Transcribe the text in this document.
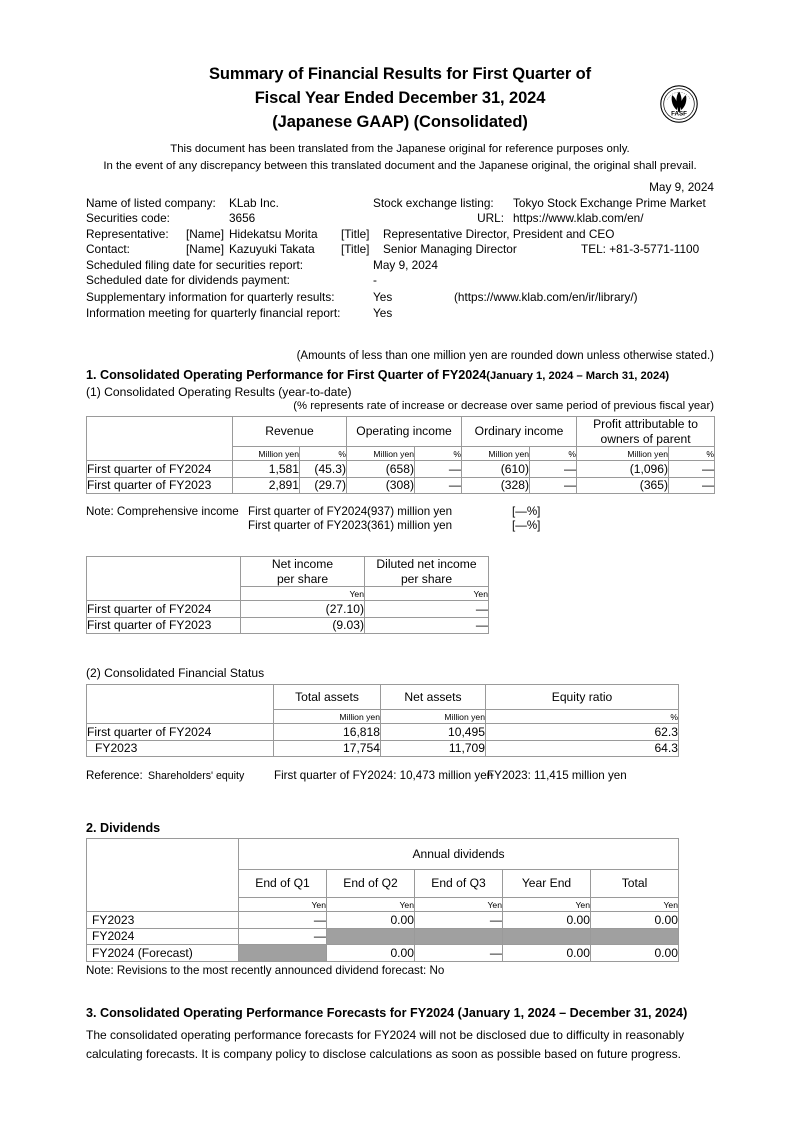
Summary of Financial Results for First Quarter of
Fiscal Year Ended December 31, 2024
(Japanese GAAP) (Consolidated)
This document has been translated from the Japanese original for reference purposes only.
In the event of any discrepancy between this translated document and the Japanese original, the original shall prevail.
FASF
May 9, 2024
Name of listed company: KLab Inc.	Stock exchange listing: Tokyo Stock Exchange Prime Market
Securities code:	3656	URL: https://www.klab.com/en/
Representative: [Name] Hidekatsu Morita [Title] Representative Director, President and CEO
Contact:	[Name] Kazuyuki Takata [Title] Senior Managing Director	TEL: +81-3-5771-1100
Scheduled filing date for securities report:	May 9, 2024
Scheduled date for dividends payment:	-
Supplementary information for quarterly results:	Yes	(https://www.klab.com/en/ir/library/)
Information meeting for quarterly financial report:	Yes
(Amounts of less than one million yen are rounded down unless otherwise stated.)
1. Consolidated Operating Performance for First Quarter of FY2024(January 1, 2024 – March 31, 2024)
(1) Consolidated Operating Results (year-to-date)
(% represents rate of increase or decrease over same period of previous fiscal year)
	Revenue		Operating income		Ordinary income		Profit attributable to
owners of parent	

	Million yen	%	Million yen	%	Million yen	%	Million yen	%
First quarter of FY2024	1,581	(45.3)	(658)	—	(610)	—	(1,096)	—
First quarter of FY2023	2,891	(29.7)	(308)	—	(328)	—	(365)	—
Note: Comprehensive income First quarter of FY2024:
(937) million yen	[—%]
First quarter of FY2023:
(361) million yen	[—%]

Net income
per share

Diluted net income
per share

	Yen	Yen
First quarter of FY2024	(27.10)	—
First quarter of FY2023	(9.03)	—
(2) Consolidated Financial Status
	Total assets	Net assets	Equity ratio
	Million yen	Million yen	%
First quarter of FY2024	16,818	10,495	62.3
FY2023	17,754	11,709	64.3
Reference: Shareholders' equity	First quarter of FY2024: 10,473 million yen
FY2023: 11,415 million yen
2. Dividends
	Annual dividends				
	End of Q1	End of Q2	End of Q3	Year End	Total
	Yen	Yen	Yen	Yen	Yen
FY2023	—	0.00	—	0.00	0.00
FY2024	—				
FY2024 (Forecast)		0.00	—	0.00	0.00
Note: Revisions to the most recently announced dividend forecast: No
3. Consolidated Operating Performance Forecasts for FY2024 (January 1, 2024 – December 31, 2024)
The consolidated operating performance forecasts for FY2024 will not be disclosed due to difficulty in reasonably calculating forecasts. It is company policy to disclose calculations as soon as possible based on future progress.
